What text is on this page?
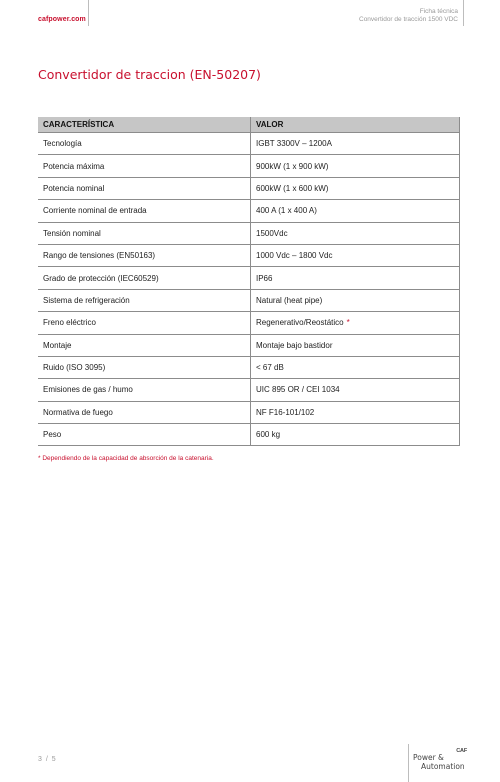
cafpower.com
Ficha técnica
Convertidor de tracción 1500 VDC
Convertidor de traccion (EN-50207)
CARACTERÍSTICA	VALOR
Tecnología	IGBT 3300V – 1200A
Potencia máxima	900kW (1 x 900 kW)
Potencia nominal	600kW (1 x 600 kW)
Corriente nominal de entrada	400 A (1 x 400 A)
Tensión nominal	1500Vdc
Rango de tensiones (EN50163)	1000 Vdc – 1800 Vdc
Grado de protección (IEC60529)	IP66
Sistema de refrigeración	Natural (heat pipe)
Freno eléctrico	Regenerativo/Reostático *
Montaje	Montaje bajo bastidor
Ruido (ISO 3095)	< 67 dB
Emisiones de gas / humo	UIC 895 OR / CEI 1034
Normativa de fuego	NF F16-101/102
Peso	600 kg
* Dependiendo de la capacidad de absorción de la catenaria.
3 / 5
CAF
Power &
Automation
